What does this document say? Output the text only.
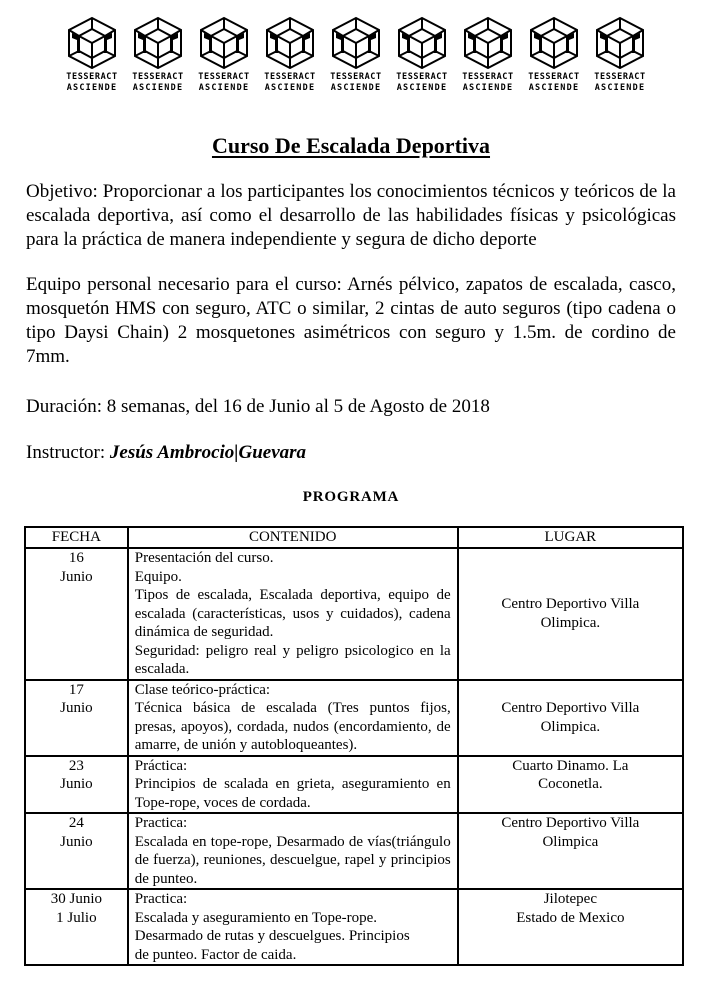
TESSERACT
ASCIENDE
TESSERACT
ASCIENDE
TESSERACT
ASCIENDE
TESSERACT
ASCIENDE
TESSERACT
ASCIENDE
TESSERACT
ASCIENDE
TESSERACT
ASCIENDE
TESSERACT
ASCIENDE
TESSERACT
ASCIENDE
Curso De Escalada Deportiva
Objetivo: Proporcionar a los participantes los conocimientos técnicos y teóricos de la escalada deportiva, así como el desarrollo de las habilidades físicas y psicológicas para la práctica de manera independiente y segura de dicho deporte
Equipo personal necesario para el curso: Arnés pélvico, zapatos de escalada, casco, mosquetón HMS con seguro, ATC o similar, 2 cintas de auto seguros (tipo cadena o tipo Daysi Chain) 2 mosquetones asimétricos con seguro y 1.5m. de cordino de 7mm.
Duración: 8 semanas, del 16 de Junio al 5 de Agosto de 2018
Instructor: Jesús Ambrocio|Guevara
PROGRAMA
FECHA	CONTENIDO	LUGAR

16
Junio	Presentación del curso.
Equipo.
Tipos de escalada, Escalada deportiva, equipo de escalada (características, usos y cuidados), cadena dinámica de seguridad.
Seguridad: peligro real y peligro psicologico en la escalada.	Centro Deportivo Villa
Olimpica.

17
Junio	Clase teórico-práctica:
Técnica básica de escalada (Tres puntos fijos, presas, apoyos), cordada, nudos (encordamiento, de amarre, de unión y autobloqueantes).	Centro Deportivo Villa
Olimpica.

23
Junio	Práctica:
Principios de scalada en grieta, aseguramiento en Tope-rope, voces de cordada.	Cuarto Dinamo. La
Coconetla.

24
Junio	Practica:
Escalada en tope-rope, Desarmado de vías(triángulo de fuerza), reuniones, descuelgue, rapel y principios de punteo.	Centro Deportivo Villa
Olimpica

30 Junio
1 Julio	Practica:
Escalada y aseguramiento en Tope-rope.
Desarmado de rutas y descuelgues. Principios
de punteo. Factor de caida.	Jilotepec
Estado de Mexico
